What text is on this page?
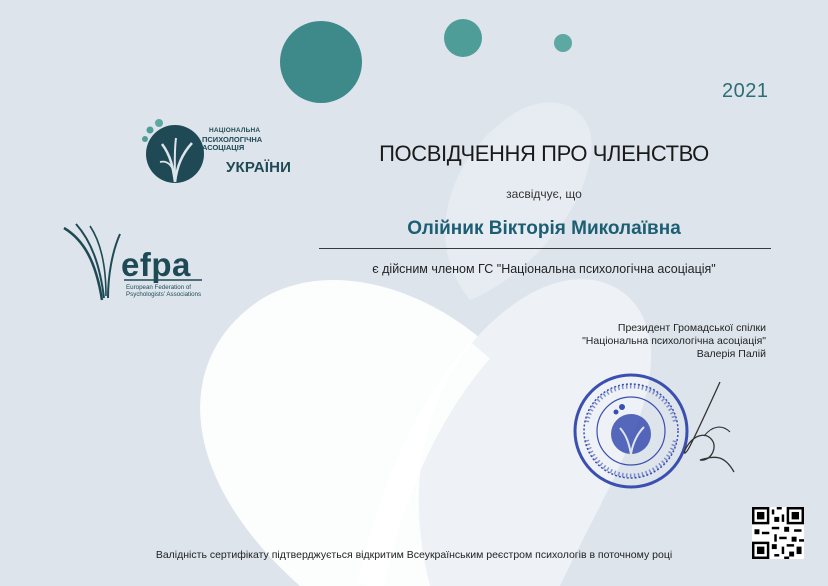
2021
НАЦІОНАЛЬНА
ПСИХОЛОГІЧНА
АСОЦІАЦІЯ
УКРАЇНИ
efpa
European Federation of
Psychologists' Associations
ПОСВІДЧЕННЯ ПРО ЧЛЕНСТВО
засвідчує, що
Олійник Вікторія Миколаївна
є дійсним членом ГС "Національна психологічна асоціація"
Президент Громадської спілки
"Національна психологічна асоціація"
Валерія Палій
Валідність сертифікату підтверджується відкритим Всеукраїнським реєстром психологів в поточному році
